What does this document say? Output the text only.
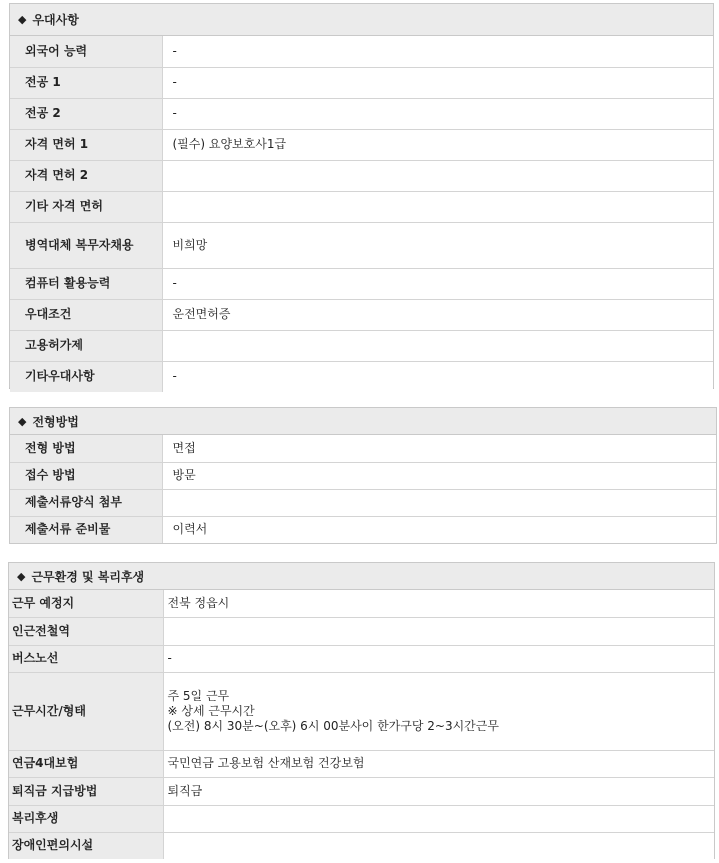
◆ 우대사항
외국어 능력	-
전공 1	-
전공 2	-
자격 면허 1	(필수) 요양보호사1급
자격 면허 2	
기타 자격 면허	
병역대체 복무자채용	비희망
컴퓨터 활용능력	-
우대조건	운전면허증
고용허가제	
기타우대사항	-
◆ 전형방법
전형 방법	면접
접수 방법	방문
제출서류양식 첨부	
제출서류 준비물	이력서
◆ 근무환경 및 복리후생
근무 예정지	전북 정읍시
인근전철역	
버스노선	-
근무시간/형태	주 5일 근무
※ 상세 근무시간
(오전) 8시 30분~(오후) 6시 00분사이 한가구당 2~3시간근무

연금4대보험	국민연금 고용보험 산재보험 건강보험
퇴직금 지급방법	퇴직금
복리후생	
장애인편의시설	
